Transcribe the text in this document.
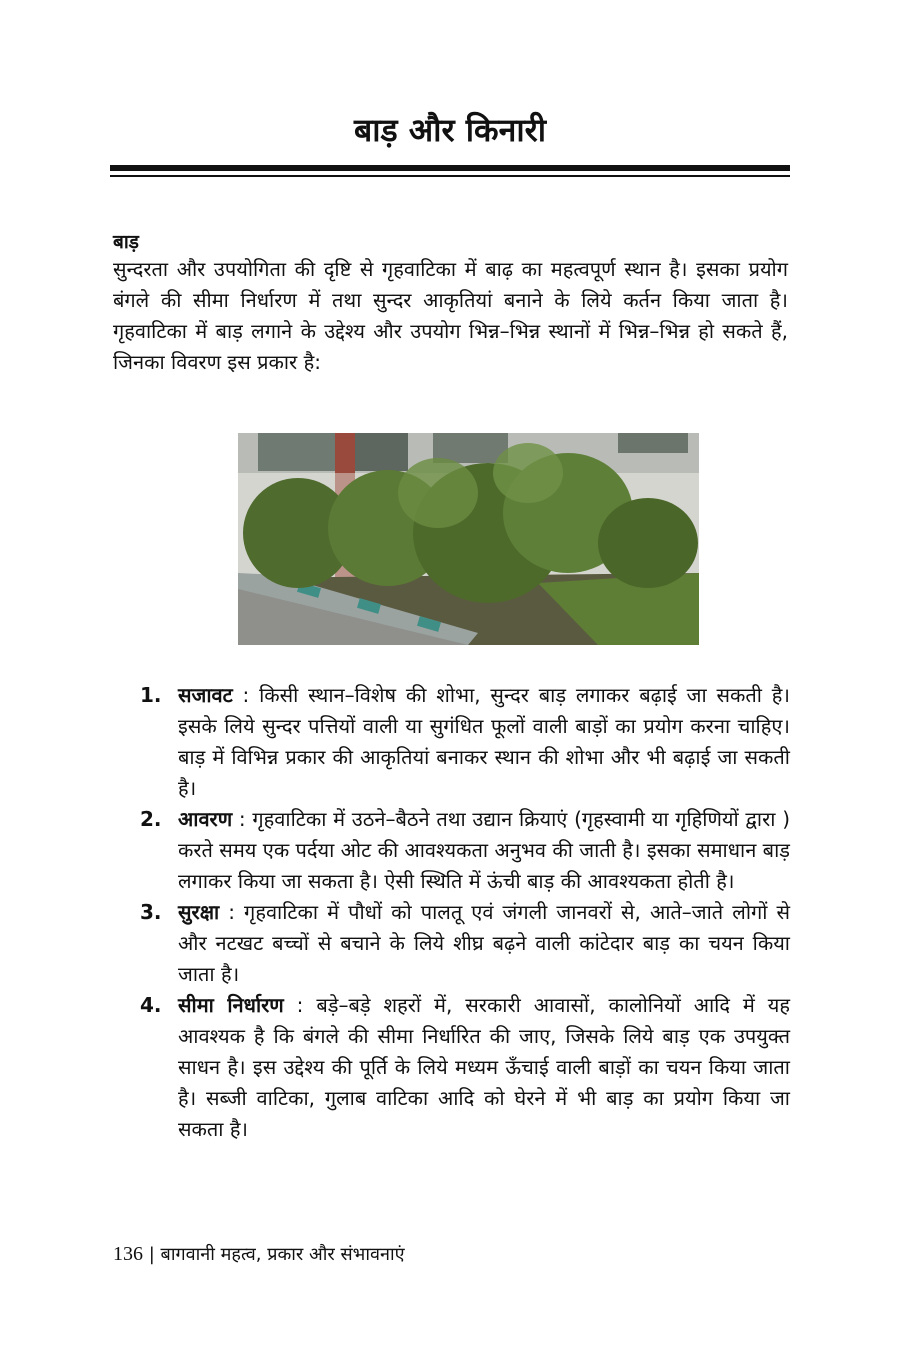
बाड़ और किनारी
बाड़

सुन्दरता और उपयोगिता की दृष्टि से गृहवाटिका में बाढ़ का महत्वपूर्ण स्थान है। इसका प्रयोग बंगले की सीमा निर्धारण में तथा सुन्दर आकृतियां बनाने के लिये कर्तन किया जाता है। गृहवाटिका में बाड़ लगाने के उद्देश्य और उपयोग भिन्न–भिन्न स्थानों में भिन्न–भिन्न हो सकते हैं, जिनका विवरण इस प्रकार है:

1. सजावट : किसी स्थान–विशेष की शोभा, सुन्दर बाड़ लगाकर बढ़ाई जा सकती है। इसके लिये सुन्दर पत्तियों वाली या सुगंधित फूलों वाली बाड़ों का प्रयोग करना चाहिए। बाड़ में विभिन्न प्रकार की आकृतियां बनाकर स्थान की शोभा और भी बढ़ाई जा सकती है।
2. आवरण : गृहवाटिका में उठने–बैठने तथा उद्यान क्रियाएं (गृहस्वामी या गृहिणियों द्वारा ) करते समय एक पर्दया ओट की आवश्यकता अनुभव की जाती है। इसका समाधान बाड़ लगाकर किया जा सकता है। ऐसी स्थिति में ऊंची बाड़ की आवश्यकता होती है।
3. सुरक्षा : गृहवाटिका में पौधों को पालतू एवं जंगली जानवरों से, आते–जाते लोगों से और नटखट बच्चों से बचाने के लिये शीघ्र बढ़ने वाली कांटेदार बाड़ का चयन किया जाता है।
4. सीमा निर्धारण : बड़े–बड़े शहरों में, सरकारी आवासों, कालोनियों आदि में यह आवश्यक है कि बंगले की सीमा निर्धारित की जाए, जिसके लिये बाड़ एक उपयुक्त साधन है। इस उद्देश्य की पूर्ति के लिये मध्यम ऊँचाई वाली बाड़ों का चयन किया जाता है। सब्जी वाटिका, गुलाब वाटिका आदि को घेरने में भी बाड़ का प्रयोग किया जा सकता है।

136 | बागवानी महत्व, प्रकार और संभावनाएं
